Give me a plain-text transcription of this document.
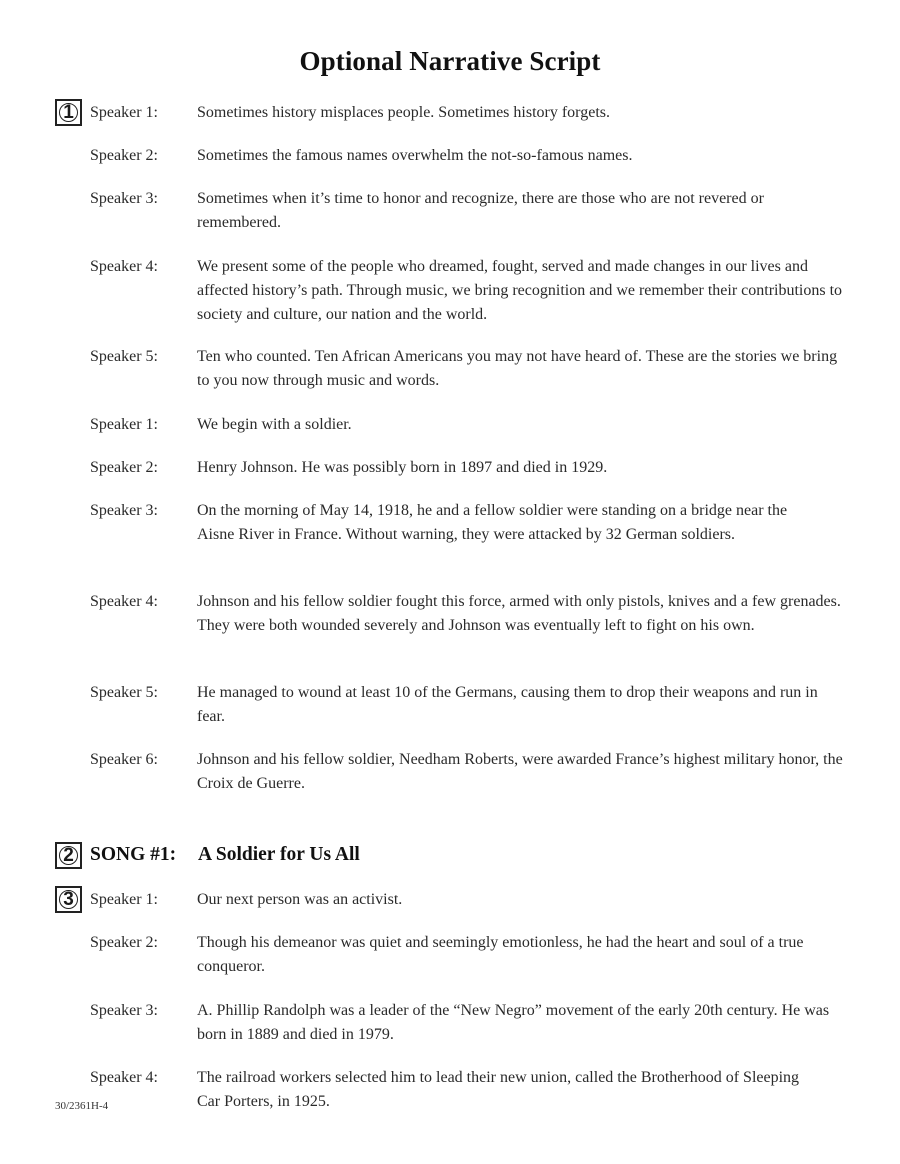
Optional Narrative Script
1	Speaker 1: Sometimes history misplaces people. Sometimes history forgets.
Speaker 2: Sometimes the famous names overwhelm the not-so-famous names.
Speaker 3: Sometimes when it’s time to honor and recognize, there are those who are not revered or remembered.
Speaker 4: We present some of the people who dreamed, fought, served and made changes in our lives and affected history’s path. Through music, we bring recognition and we remember their contributions to society and culture, our nation and the world.
Speaker 5: Ten who counted. Ten African Americans you may not have heard of. These are the stories we bring to you now through music and words.
Speaker 1: We begin with a soldier.
Speaker 2: Henry Johnson. He was possibly born in 1897 and died in 1929.
Speaker 3: On the morning of May 14, 1918, he and a fellow soldier were standing on a bridge near the Aisne River in France. Without warning, they were attacked by 32 German soldiers.
Speaker 4: Johnson and his fellow soldier fought this force, armed with only pistols, knives and a few grenades. They were both wounded severely and Johnson was eventually left to fight on his own.
Speaker 5: He managed to wound at least 10 of the Germans, causing them to drop their weapons and run in fear.
Speaker 6: Johnson and his fellow soldier, Needham Roberts, were awarded France’s highest military honor, the Croix de Guerre.
2 SONG #1: A Soldier for Us All
3	Speaker 1: Our next person was an activist.
Speaker 2: Though his demeanor was quiet and seemingly emotionless, he had the heart and soul of a true conqueror.
Speaker 3: A. Phillip Randolph was a leader of the “New Negro” movement of the early 20th century. He was born in 1889 and died in 1979.
Speaker 4: The railroad workers selected him to lead their new union, called the Brotherhood of Sleeping Car Porters, in 1925.
30/2361H-4
